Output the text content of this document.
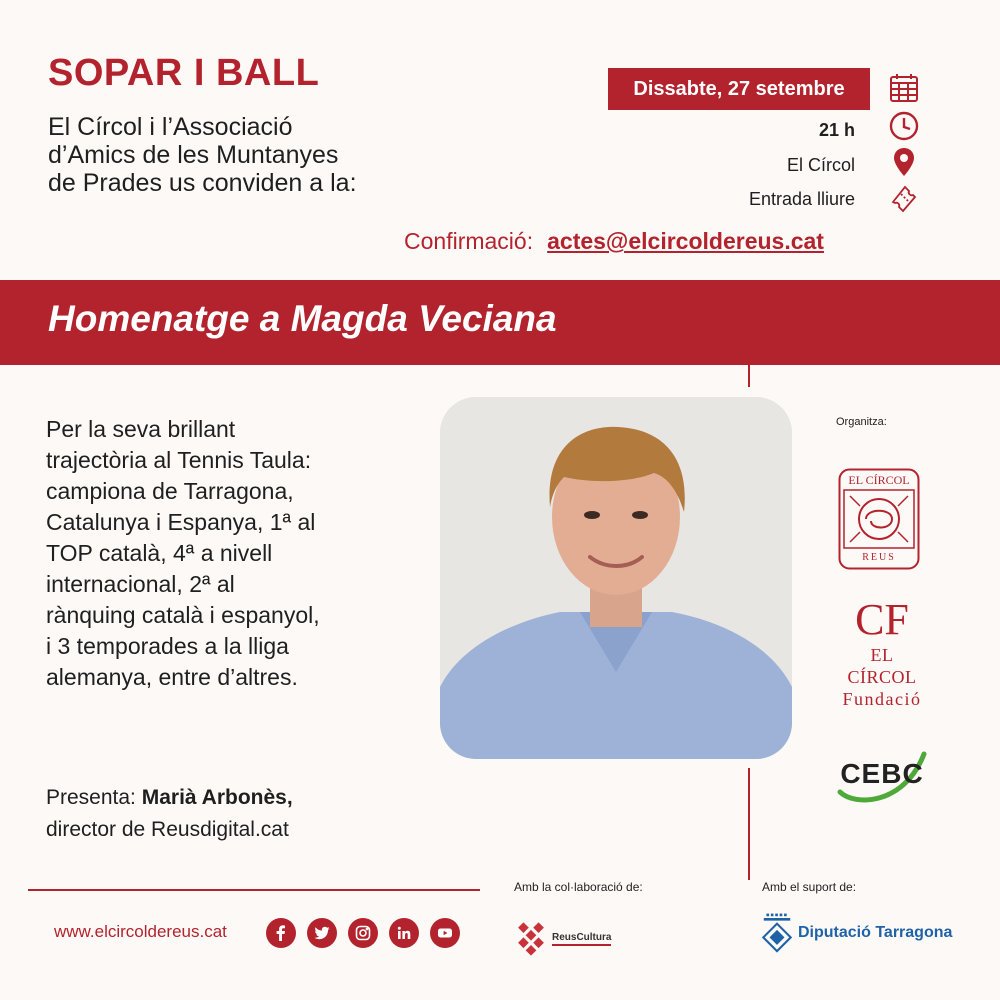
SOPAR I BALL
El Círcol i l’Associació
d’Amics de les Muntanyes
de Prades us conviden a la:
Dissabte, 27 setembre
21 h
El Círcol
Entrada lliure
Confirmació: actes@elcircoldereus.cat
Homenatge a Magda Veciana
Per la seva brillant
trajectòria al Tennis Taula:
campiona de Tarragona,
Catalunya i Espanya, 1ª al
TOP català, 4ª a nivell
internacional, 2ª al
rànquing català i espanyol,
i 3 temporades a la lliga
alemanya, entre d’altres.
Presenta: Marià Arbonès,
director de Reusdigital.cat
Organitza:
EL CÍRCOL
REUS
CF
EL CÍRCOL
Fundació
CEBC
www.elcircoldereus.cat
Amb la col·laboració de:
ReusCultura
Amb el suport de:
Diputació Tarragona
